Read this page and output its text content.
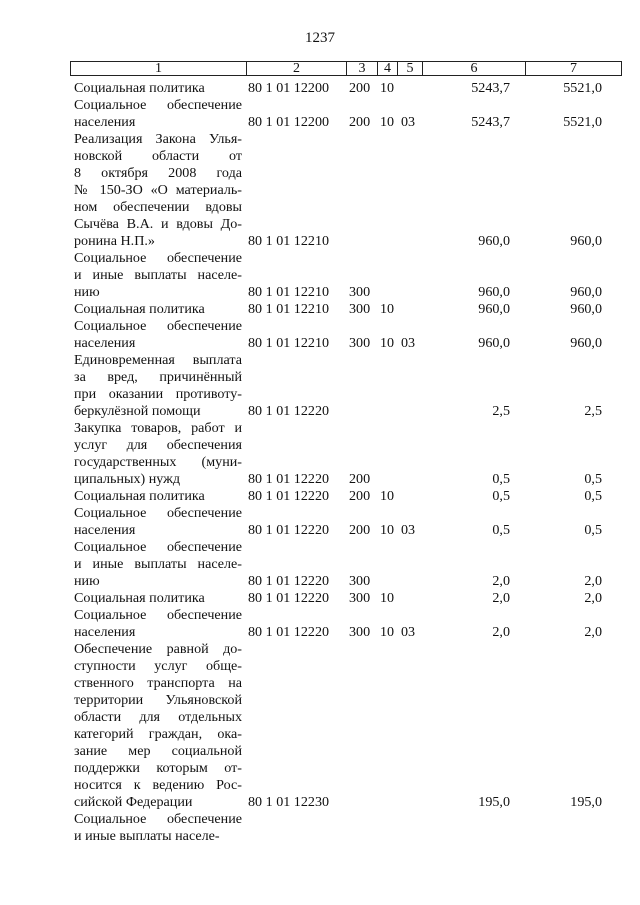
1237
1	2	3	4	5	6	7
Социальная политика	80 1 01 12200 200 10	5243,7	5521,0
Социальное обеспечение
населения	80 1 01 12200 200 10 03	5243,7	5521,0
Реализация Закона Улья-
новской области от
8 октября 2008 года
№ 150-ЗО «О материаль-
ном обеспечении вдовы
Сычёва В.А. и вдовы До-
ронина Н.П.»	80 1 01 12210	960,0	960,0
Социальное обеспечение
и иные выплаты населе-
нию	80 1 01 12210 300	960,0	960,0
Социальная политика	80 1 01 12210 300 10	960,0	960,0
Социальное обеспечение
населения	80 1 01 12210 300 10 03	960,0	960,0
Единовременная выплата
за вред, причинённый
при оказании противоту-
беркулёзной помощи	80 1 01 12220	2,5	2,5
Закупка товаров, работ и
услуг для обеспечения
государственных (муни-
ципальных) нужд	80 1 01 12220 200	0,5	0,5
Социальная политика	80 1 01 12220 200 10	0,5	0,5
Социальное обеспечение
населения	80 1 01 12220 200 10 03	0,5	0,5
Социальное обеспечение
и иные выплаты населе-
нию	80 1 01 12220 300	2,0	2,0
Социальная политика	80 1 01 12220 300 10	2,0	2,0
Социальное обеспечение
населения	80 1 01 12220 300 10 03	2,0	2,0
Обеспечение равной до-
ступности услуг обще-
ственного транспорта на
территории Ульяновской
области для отдельных
категорий граждан, ока-
зание мер социальной
поддержки которым от-
носится к ведению Рос-
сийской Федерации	80 1 01 12230	195,0	195,0
Социальное обеспечение
и иные выплаты населе-
